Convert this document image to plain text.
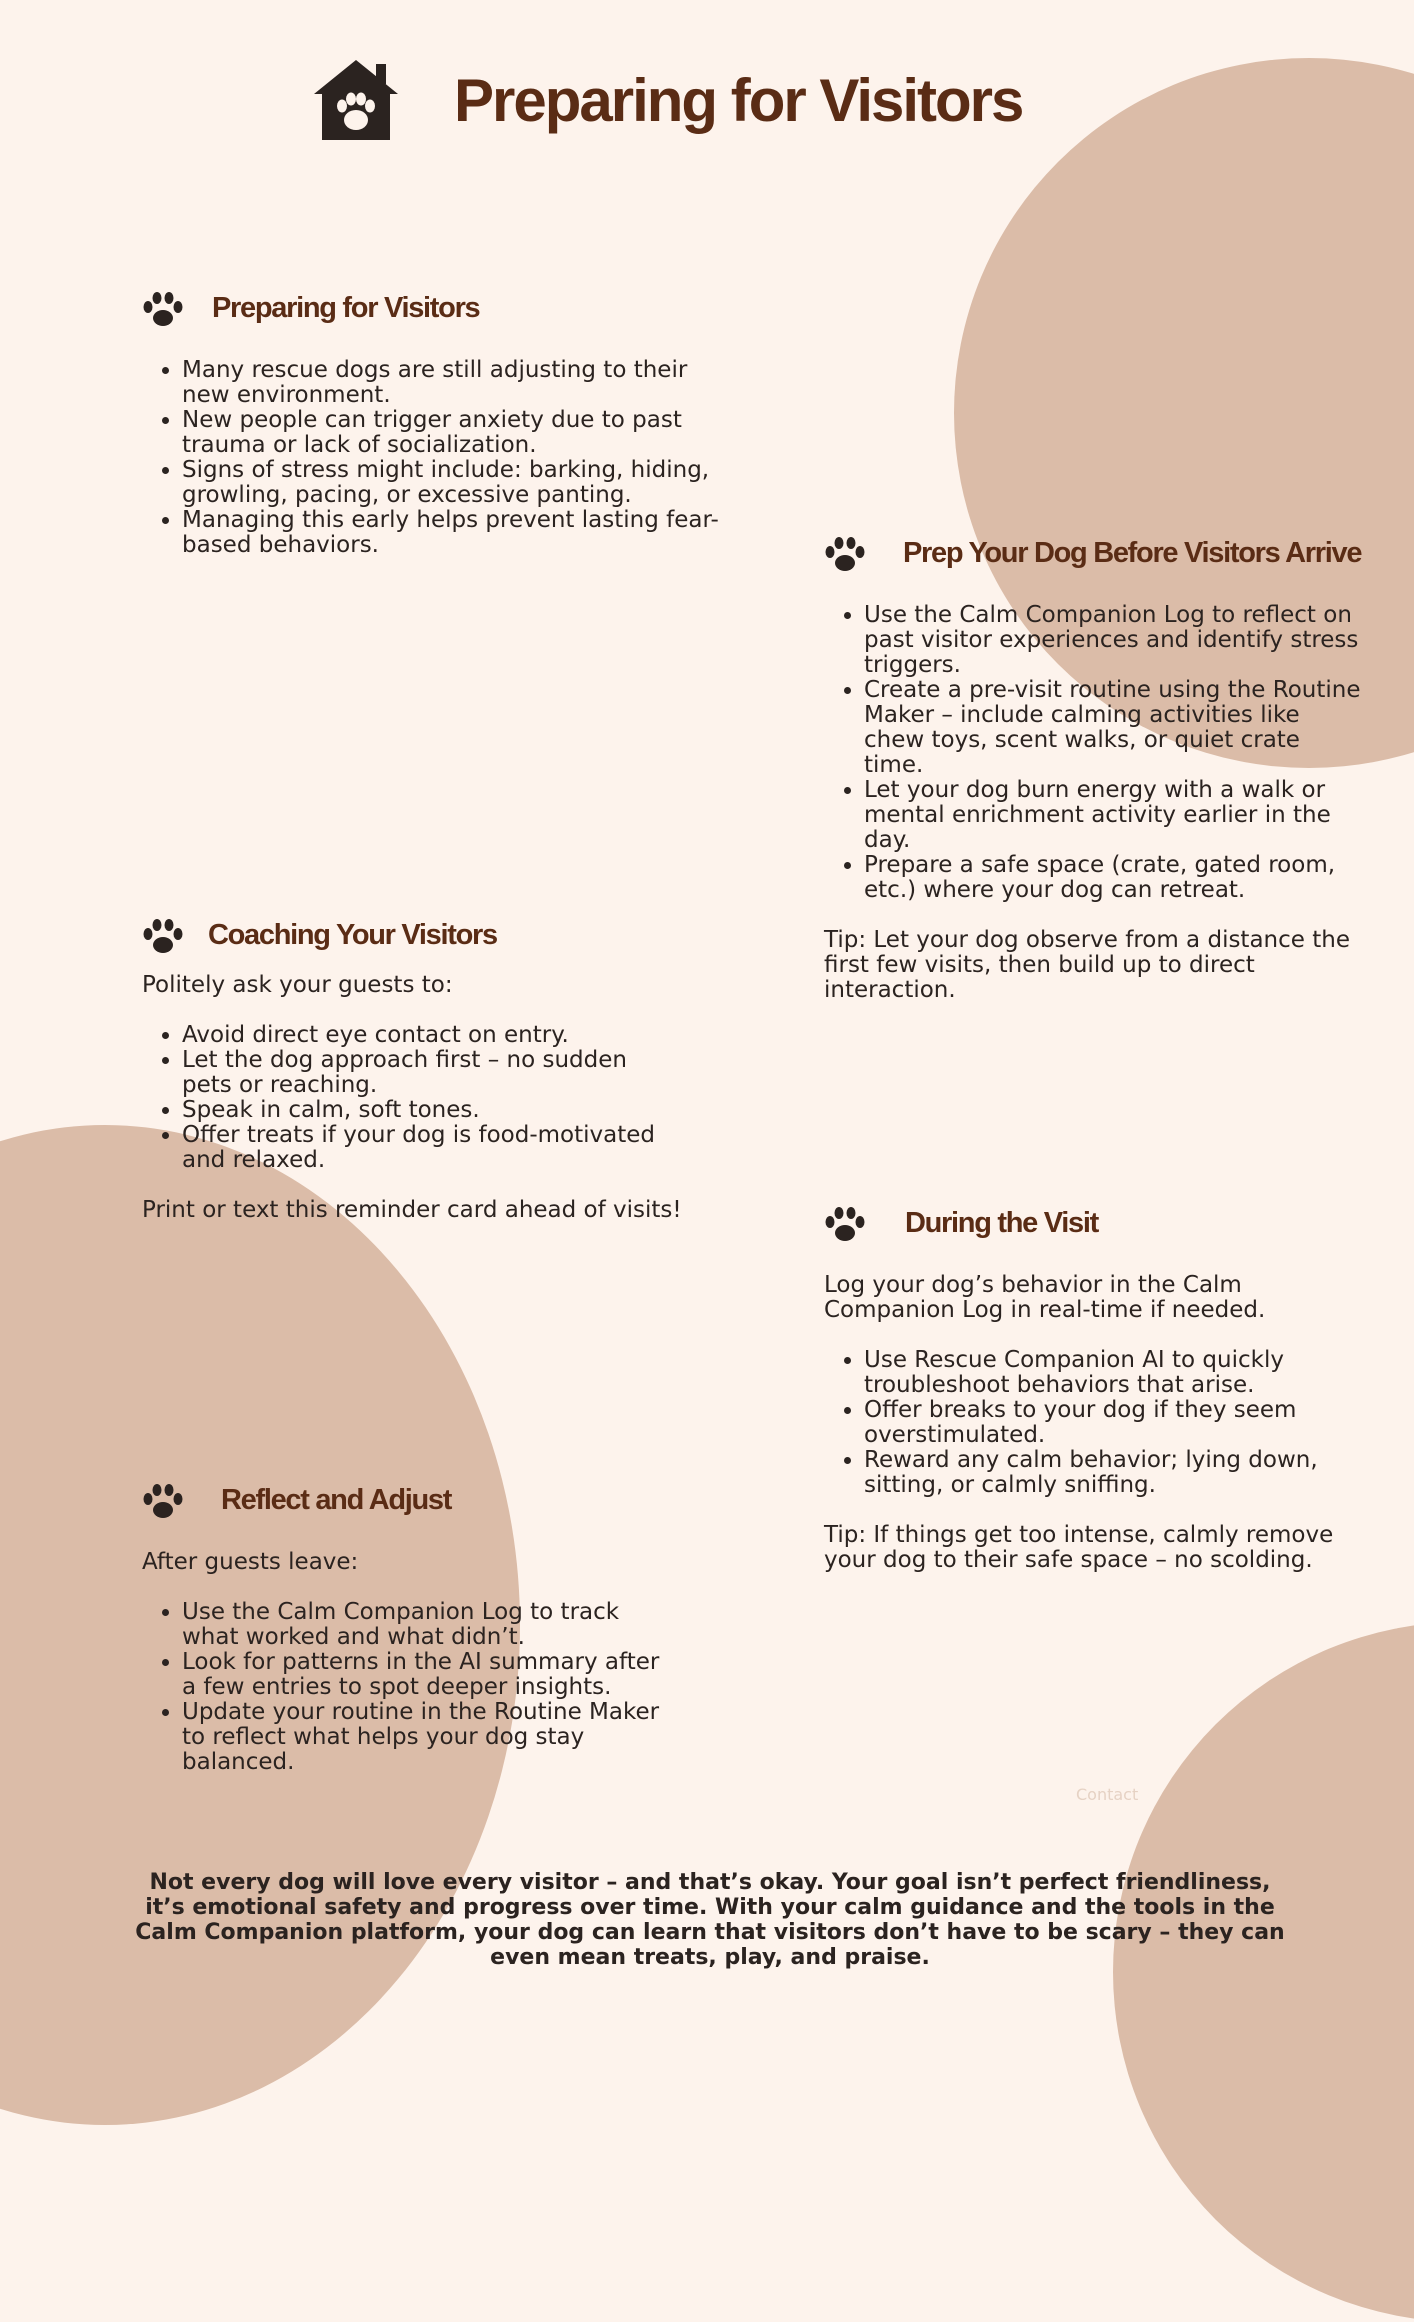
Preparing for Visitors
Preparing for Visitors
• Many rescue dogs are still adjusting to their new environment.
• New people can trigger anxiety due to past trauma or lack of socialization.
• Signs of stress might include: barking, hiding, growling, pacing, or excessive panting.
• Managing this early helps prevent lasting fear-based behaviors.	Prep Your Dog Before Visitors Arrive
• Use the Calm Companion Log to reflect on past visitor experiences and identify stress triggers.
• Create a pre-visit routine using the Routine Maker – include calming activities like chew toys, scent walks, or quiet crate time.
• Let your dog burn energy with a walk or mental enrichment activity earlier in the day.
• Prepare a safe space (crate, gated room, etc.) where your dog can retreat.

Tip: Let your dog observe from a distance the first few visits, then build up to direct interaction.

Coaching Your Visitors

Politely ask your guests to:

• Avoid direct eye contact on entry.
• Let the dog approach first – no sudden pets or reaching.
• Speak in calm, soft tones.
• Offer treats if your dog is food-motivated and relaxed.

Print or text this reminder card ahead of visits!	During the Visit

Log your dog’s behavior in the Calm Companion Log in real-time if needed.

• Use Rescue Companion AI to quickly troubleshoot behaviors that arise.
• Offer breaks to your dog if they seem overstimulated.
• Reward any calm behavior; lying down, sitting, or calmly sniffing.

Tip: If things get too intense, calmly remove your dog to their safe space – no scolding.

Reflect and Adjust

After guests leave:

• Use the Calm Companion Log to track what worked and what didn’t.
• Look for patterns in the AI summary after a few entries to spot deeper insights.
• Update your routine in the Routine Maker to reflect what helps your dog stay balanced.
Contact

Not every dog will love every visitor – and that’s okay. Your goal isn’t perfect friendliness, it’s emotional safety and progress over time. With your calm guidance and the tools in the Calm Companion platform, your dog can learn that visitors don’t have to be scary – they can even mean treats, play, and praise.
